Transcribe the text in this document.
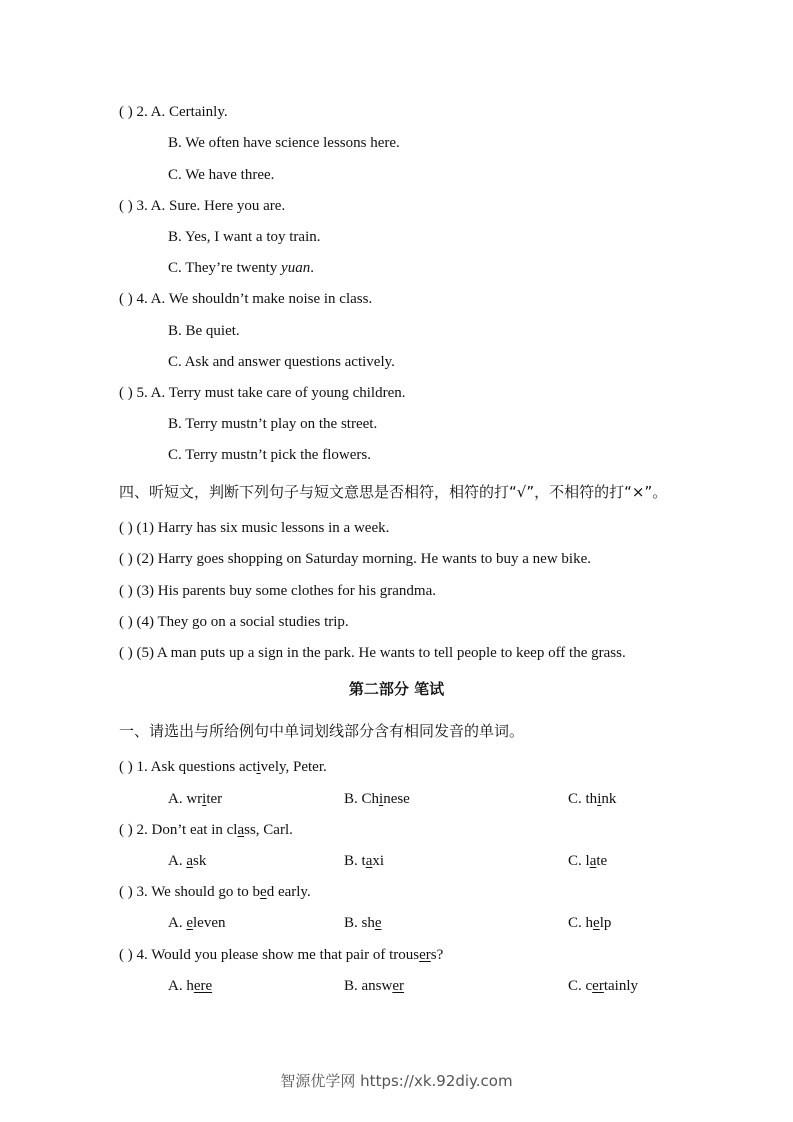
( ) 2. A. Certainly.
B. We often have science lessons here.
C. We have three.
( ) 3. A. Sure. Here you are.
B. Yes, I want a toy train.
C. They’re twenty yuan.
( ) 4. A. We shouldn’t make noise in class.
B. Be quiet.
C. Ask and answer questions actively.
( ) 5. A. Terry must take care of young children.
B. Terry mustn’t play on the street.
C. Terry mustn’t pick the flowers.
四、听短文，判断下列句子与短文意思是否相符，相符的打“√”，不相符的打“×”。
( ) (1) Harry has six music lessons in a week.
( ) (2) Harry goes shopping on Saturday morning. He wants to buy a new bike.
( ) (3) His parents buy some clothes for his grandma.
( ) (4) They go on a social studies trip.
( ) (5) A man puts up a sign in the park. He wants to tell people to keep off the grass.
第二部分 笔试
一、请选出与所给例句中单词划线部分含有相同发音的单词。
( ) 1. Ask questions actively, Peter.
A. writer	B. Chinese	C. think
( ) 2. Don’t eat in class, Carl.
A. ask	B. taxi	C. late
( ) 3. We should go to bed early.
A. eleven	B. she	C. help
( ) 4. Would you please show me that pair of trousers?
A. here	B. answer	C. certainly
智源优学网 https://xk.92diy.com
